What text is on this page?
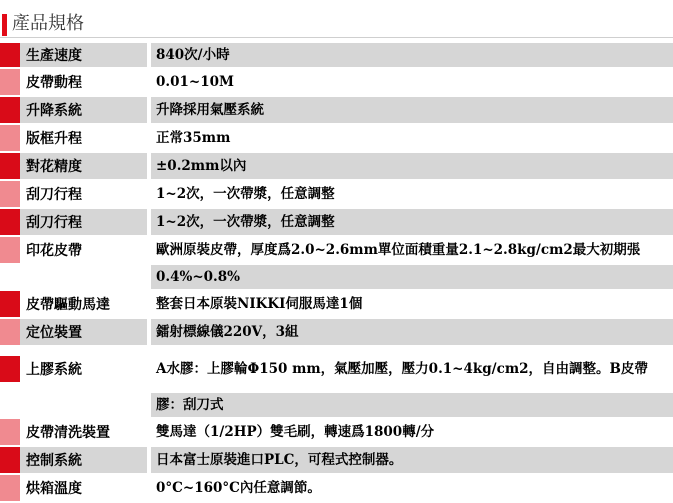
產品規格
	生產速度		840次/小時

	皮帶動程		0.01~10M

	升降系統		升降採用氣壓系統

	版框升程		正常35mm

	對花精度		±0.2mm以內

	刮刀行程		1~2次，一次帶漿，任意調整

	刮刀行程		1~2次，一次帶漿，任意調整

	印花皮帶		歐洲原裝皮帶，厚度爲2.0~2.6mm單位面積重量2.1~2.8kg/cm2最大初期張

			0.4%~0.8%

	皮帶驅動馬達		整套日本原裝NIKKI伺服馬達1個

	定位裝置		鐳射標線儀220V，3組

	上膠系統		A水膠：上膠輪Φ150 mm，氣壓加壓，壓力0.1~4kg/cm2，自由調整。B皮帶

			膠：刮刀式

	皮帶清洗裝置		雙馬達（1/2HP）雙毛刷，轉速爲1800轉/分

	控制系統		日本富士原裝進口PLC，可程式控制器。

	烘箱溫度		0°C~160°C內任意調節。
